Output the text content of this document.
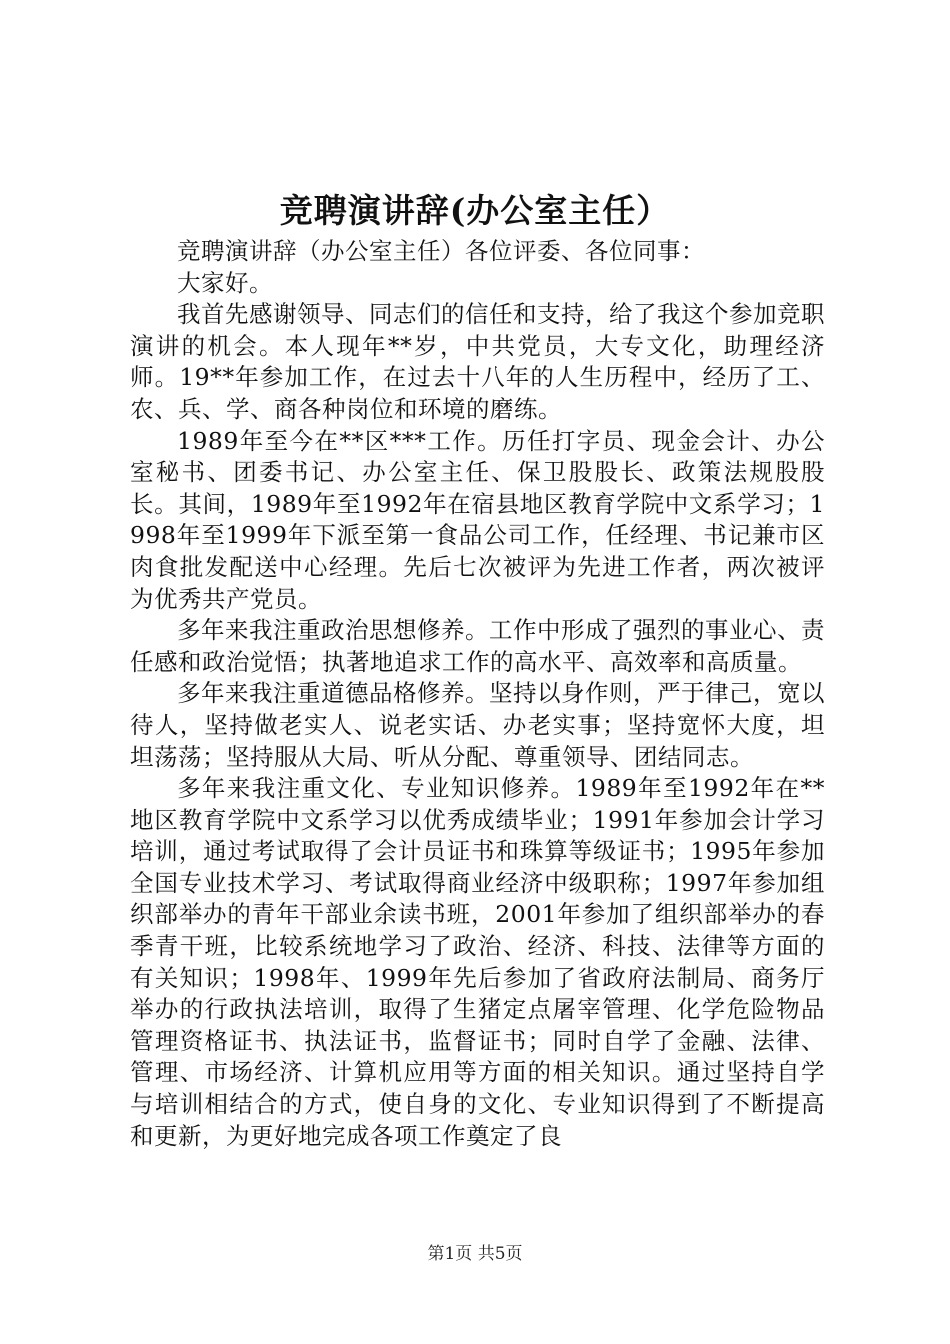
竞聘演讲辞(办公室主任）

竞聘演讲辞（办公室主任）各位评委、各位同事：

大家好。

我首先感谢领导、同志们的信任和支持，给了我这个参加竞职演讲的机会。本人现年**岁，中共党员，大专文化，助理经济师。19**年参加工作，在过去十八年的人生历程中，经历了工、农、兵、学、商各种岗位和环境的磨练。

1989年至今在**区***工作。历任打字员、现金会计、办公室秘书、团委书记、办公室主任、保卫股股长、政策法规股股长。其间，1989年至1992年在宿县地区教育学院中文系学习；1998年至1999年下派至第一食品公司工作，任经理、书记兼市区肉食批发配送中心经理。先后七次被评为先进工作者，两次被评为优秀共产党员。

多年来我注重政治思想修养。工作中形成了强烈的事业心、责任感和政治觉悟；执著地追求工作的高水平、高效率和高质量。

多年来我注重道德品格修养。坚持以身作则，严于律己，宽以待人，坚持做老实人、说老实话、办老实事；坚持宽怀大度，坦坦荡荡；坚持服从大局、听从分配、尊重领导、团结同志。

多年来我注重文化、专业知识修养。1989年至1992年在**地区教育学院中文系学习以优秀成绩毕业；1991年参加会计学习培训，通过考试取得了会计员证书和珠算等级证书；1995年参加全国专业技术学习、考试取得商业经济中级职称；1997年参加组织部举办的青年干部业余读书班，2001年参加了组织部举办的春季青干班，比较系统地学习了政治、经济、科技、法律等方面的有关知识；1998年、1999年先后参加了省政府法制局、商务厅举办的行政执法培训，取得了生猪定点屠宰管理、化学危险物品管理资格证书、执法证书，监督证书；同时自学了金融、法律、管理、市场经济、计算机应用等方面的相关知识。通过坚持自学与培训相结合的方式，使自身的文化、专业知识得到了不断提高和更新，为更好地完成各项工作奠定了良

第1页 共5页
